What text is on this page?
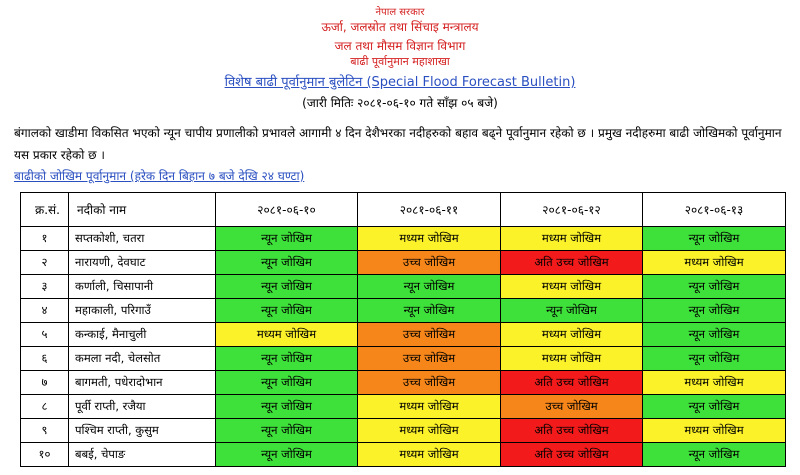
नेपाल सरकार
ऊर्जा, जलस्रोत तथा सिंचाइ मन्त्रालय
जल तथा मौसम विज्ञान विभाग
बाढी पूर्वानुमान महाशाखा
विशेष बाढी पूर्वानुमान बुलेटिन (Special Flood Forecast Bulletin)
(जारी मितिः २०८१-०६-१० गते साँझ ०५ बजे)
बंगालको खाडीमा विकसित भएको न्यून चापीय प्रणालीको प्रभावले आगामी ४ दिन देशैभरका नदीहरुको बहाव बढ्ने पूर्वानुमान रहेको छ । प्रमुख नदीहरुमा बाढी जोखिमको पूर्वानुमान यस प्रकार रहेको छ ।
बाढीको जोखिम पूर्वानुमान (हरेक दिन बिहान ७ बजे देखि २४ घण्टा)
क्र.सं.	नदीको नाम	२०८१-०६-१०	२०८१-०६-११	२०८१-०६-१२	२०८१-०६-१३
१	सप्तकोशी, चतरा	न्यून जोखिम	मध्यम जोखिम	मध्यम जोखिम	न्यून जोखिम
२	नारायणी, देवघाट	न्यून जोखिम	उच्च जोखिम	अति उच्च जोखिम	मध्यम जोखिम
३	कर्णाली, चिसापानी	न्यून जोखिम	न्यून जोखिम	मध्यम जोखिम	न्यून जोखिम
४	महाकाली, परिगाउँ	न्यून जोखिम	न्यून जोखिम	न्यून जोखिम	न्यून जोखिम
५	कन्काई, मैनाचुली	मध्यम जोखिम	उच्च जोखिम	मध्यम जोखिम	न्यून जोखिम
६	कमला नदी, चेलसोत	न्यून जोखिम	उच्च जोखिम	मध्यम जोखिम	न्यून जोखिम
७	बागमती, पधेरादोभान	न्यून जोखिम	उच्च जोखिम	अति उच्च जोखिम	मध्यम जोखिम
८	पूर्वी राप्ती, रजैया	न्यून जोखिम	मध्यम जोखिम	उच्च जोखिम	न्यून जोखिम
९	पश्चिम राप्ती, कुसुम	न्यून जोखिम	मध्यम जोखिम	अति उच्च जोखिम	मध्यम जोखिम
१०	बबई, चेपाङ	न्यून जोखिम	मध्यम जोखिम	अति उच्च जोखिम	न्यून जोखिम
